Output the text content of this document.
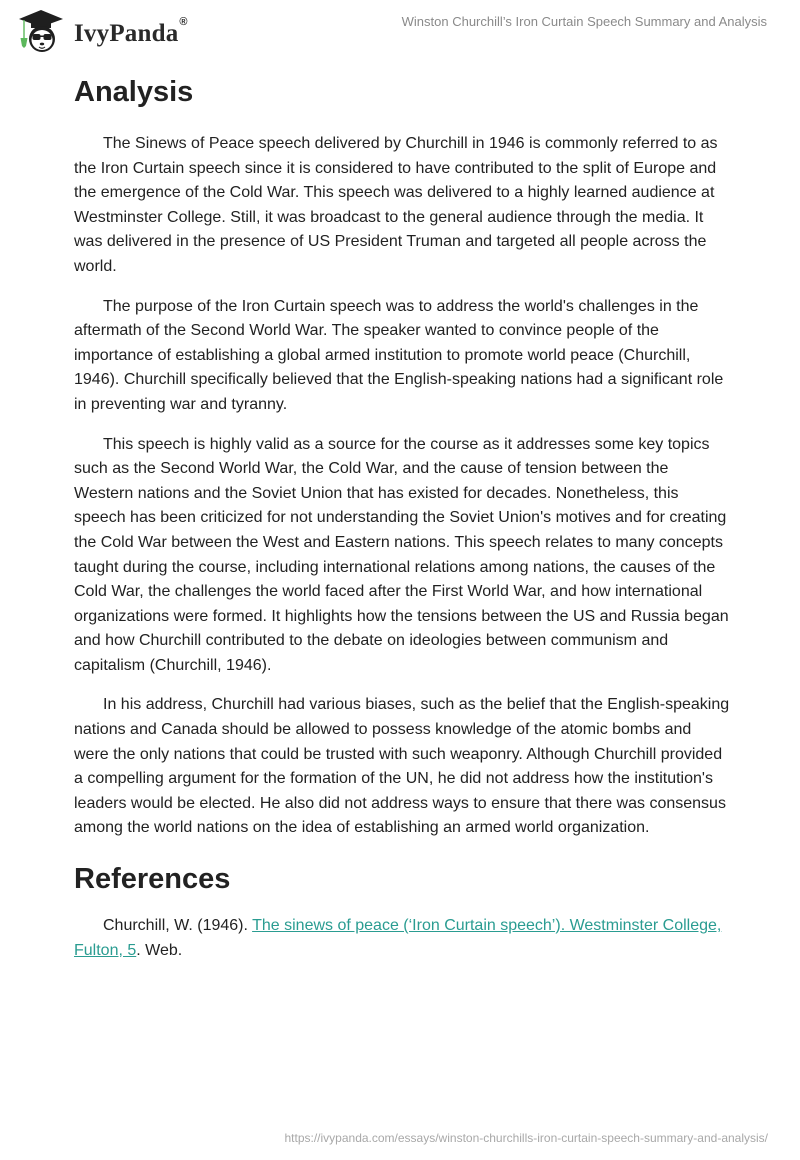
IvyPanda®	Winston Churchill’s Iron Curtain Speech Summary and Analysis
Analysis

The Sinews of Peace speech delivered by Churchill in 1946 is commonly referred to as the Iron Curtain speech since it is considered to have contributed to the split of Europe and the emergence of the Cold War. This speech was delivered to a highly learned audience at Westminster College. Still, it was broadcast to the general audience through the media. It was delivered in the presence of US President Truman and targeted all people across the world.

The purpose of the Iron Curtain speech was to address the world's challenges in the aftermath of the Second World War. The speaker wanted to convince people of the importance of establishing a global armed institution to promote world peace (Churchill, 1946). Churchill specifically believed that the English-speaking nations had a significant role in preventing war and tyranny.

This speech is highly valid as a source for the course as it addresses some key topics such as the Second World War, the Cold War, and the cause of tension between the Western nations and the Soviet Union that has existed for decades. Nonetheless, this speech has been criticized for not understanding the Soviet Union's motives and for creating the Cold War between the West and Eastern nations. This speech relates to many concepts taught during the course, including international relations among nations, the causes of the Cold War, the challenges the world faced after the First World War, and how international organizations were formed. It highlights how the tensions between the US and Russia began and how Churchill contributed to the debate on ideologies between communism and capitalism (Churchill, 1946).

In his address, Churchill had various biases, such as the belief that the English-speaking nations and Canada should be allowed to possess knowledge of the atomic bombs and were the only nations that could be trusted with such weaponry. Although Churchill provided a compelling argument for the formation of the UN, he did not address how the institution's leaders would be elected. He also did not address ways to ensure that there was consensus among the world nations on the idea of establishing an armed world organization.

References

Churchill, W. (1946). The sinews of peace (‘Iron Curtain speech’). Westminster College, Fulton, 5. Web.

https://ivypanda.com/essays/winston-churchills-iron-curtain-speech-summary-and-analysis/
